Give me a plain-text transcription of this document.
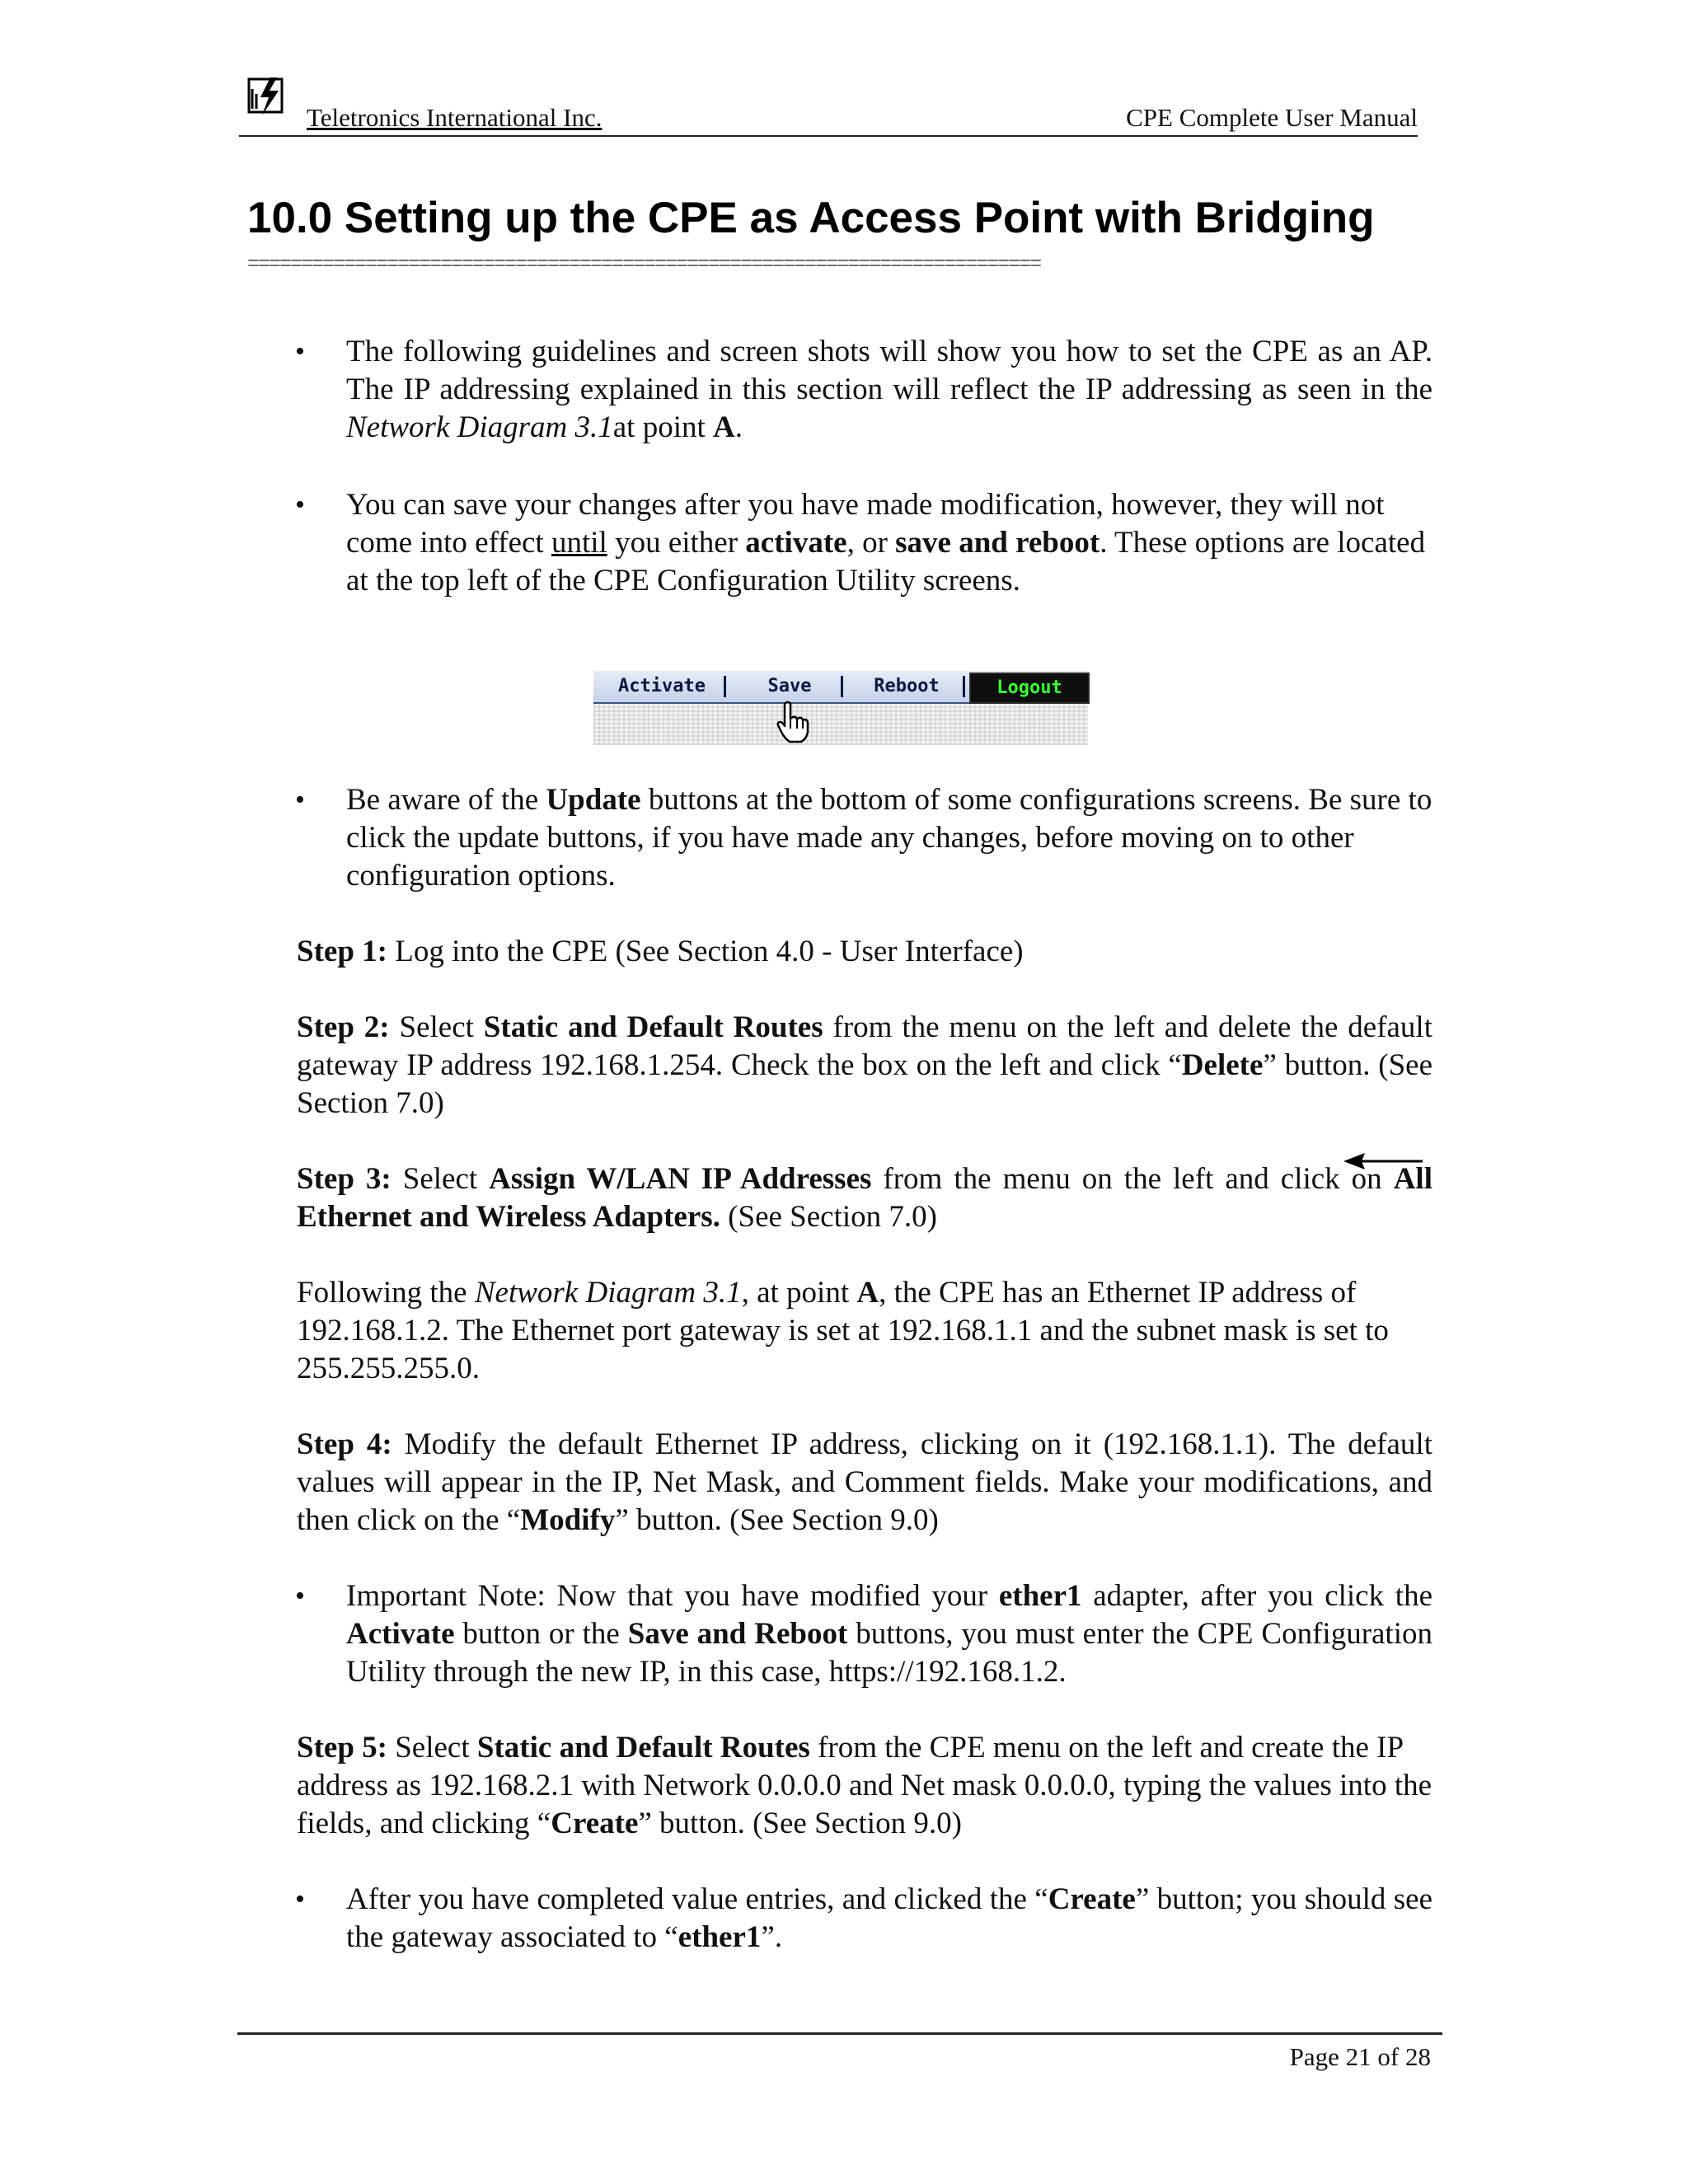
Teletronics International Inc.	CPE Complete User Manual
10.0 Setting up the CPE as Access Point with Bridging
==========================================================================
• The following guidelines and screen shots will show you how to set the CPE as an AP. The IP addressing explained in this section will reflect the IP addressing as seen in the Network Diagram 3.1at point A.
• You can save your changes after you have made modification, however, they will not come into effect until you either activate, or save and reboot. These options are located at the top left of the CPE Configuration Utility screens.
Activate	Save	Reboot	Logout
• Be aware of the Update buttons at the bottom of some configurations screens. Be sure to click the update buttons, if you have made any changes, before moving on to other configuration options.
Step 1: Log into the CPE (See Section 4.0 - User Interface)
Step 2: Select Static and Default Routes from the menu on the left and delete the default gateway IP address 192.168.1.254. Check the box on the left and click “Delete” button. (See Section 7.0)
Step 3: Select Assign W/LAN IP Addresses from the menu on the left and click on All Ethernet and Wireless Adapters. (See Section 7.0)
Following the Network Diagram 3.1, at point A, the CPE has an Ethernet IP address of 192.168.1.2. The Ethernet port gateway is set at 192.168.1.1 and the subnet mask is set to 255.255.255.0.
Step 4: Modify the default Ethernet IP address, clicking on it (192.168.1.1). The default values will appear in the IP, Net Mask, and Comment fields. Make your modifications, and then click on the “Modify” button. (See Section 9.0)
• Important Note: Now that you have modified your ether1 adapter, after you click the Activate button or the Save and Reboot buttons, you must enter the CPE Configuration Utility through the new IP, in this case, https://192.168.1.2.
Step 5: Select Static and Default Routes from the CPE menu on the left and create the IP address as 192.168.2.1 with Network 0.0.0.0 and Net mask 0.0.0.0, typing the values into the fields, and clicking “Create” button. (See Section 9.0)
• After you have completed value entries, and clicked the “Create” button; you should see the gateway associated to “ether1”.
Page 21 of 28
